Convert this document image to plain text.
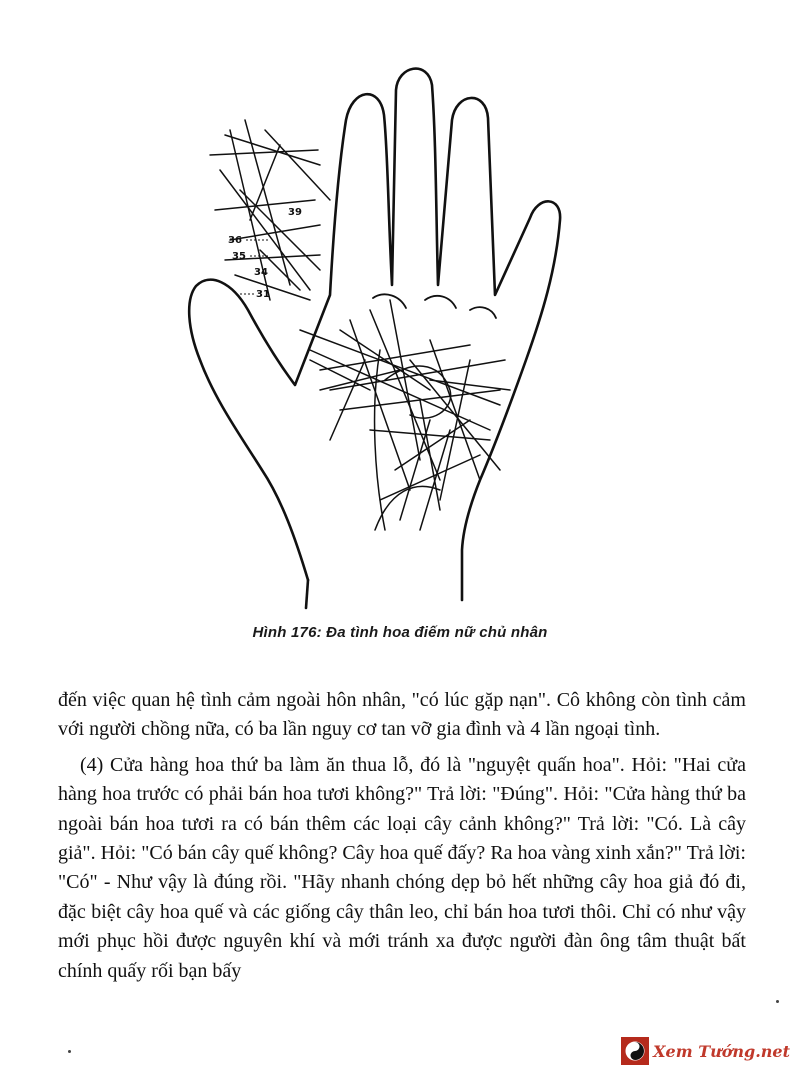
39
36
35
34
31
Hình 176: Đa tình hoa điếm nữ chủ nhân

đến việc quan hệ tình cảm ngoài hôn nhân, "có lúc gặp nạn". Cô không còn tình cảm với người chồng nữa, có ba lần nguy cơ tan vỡ gia đình và 4 lần ngoại tình.

(4) Cửa hàng hoa thứ ba làm ăn thua lỗ, đó là "nguyệt quấn hoa". Hỏi: "Hai cửa hàng hoa trước có phải bán hoa tươi không?" Trả lời: "Đúng". Hỏi: "Cửa hàng thứ ba ngoài bán hoa tươi ra có bán thêm các loại cây cảnh không?" Trả lời: "Có. Là cây giả". Hỏi: "Có bán cây quế không? Cây hoa quế đấy? Ra hoa vàng xinh xắn?" Trả lời: "Có" - Như vậy là đúng rồi. "Hãy nhanh chóng dẹp bỏ hết những cây hoa giả đó đi, đặc biệt cây hoa quế và các giống cây thân leo, chỉ bán hoa tươi thôi. Chỉ có như vậy mới phục hồi được nguyên khí và mới tránh xa được người đàn ông tâm thuật bất chính quấy rối bạn bấy

Xem Tướng.net
